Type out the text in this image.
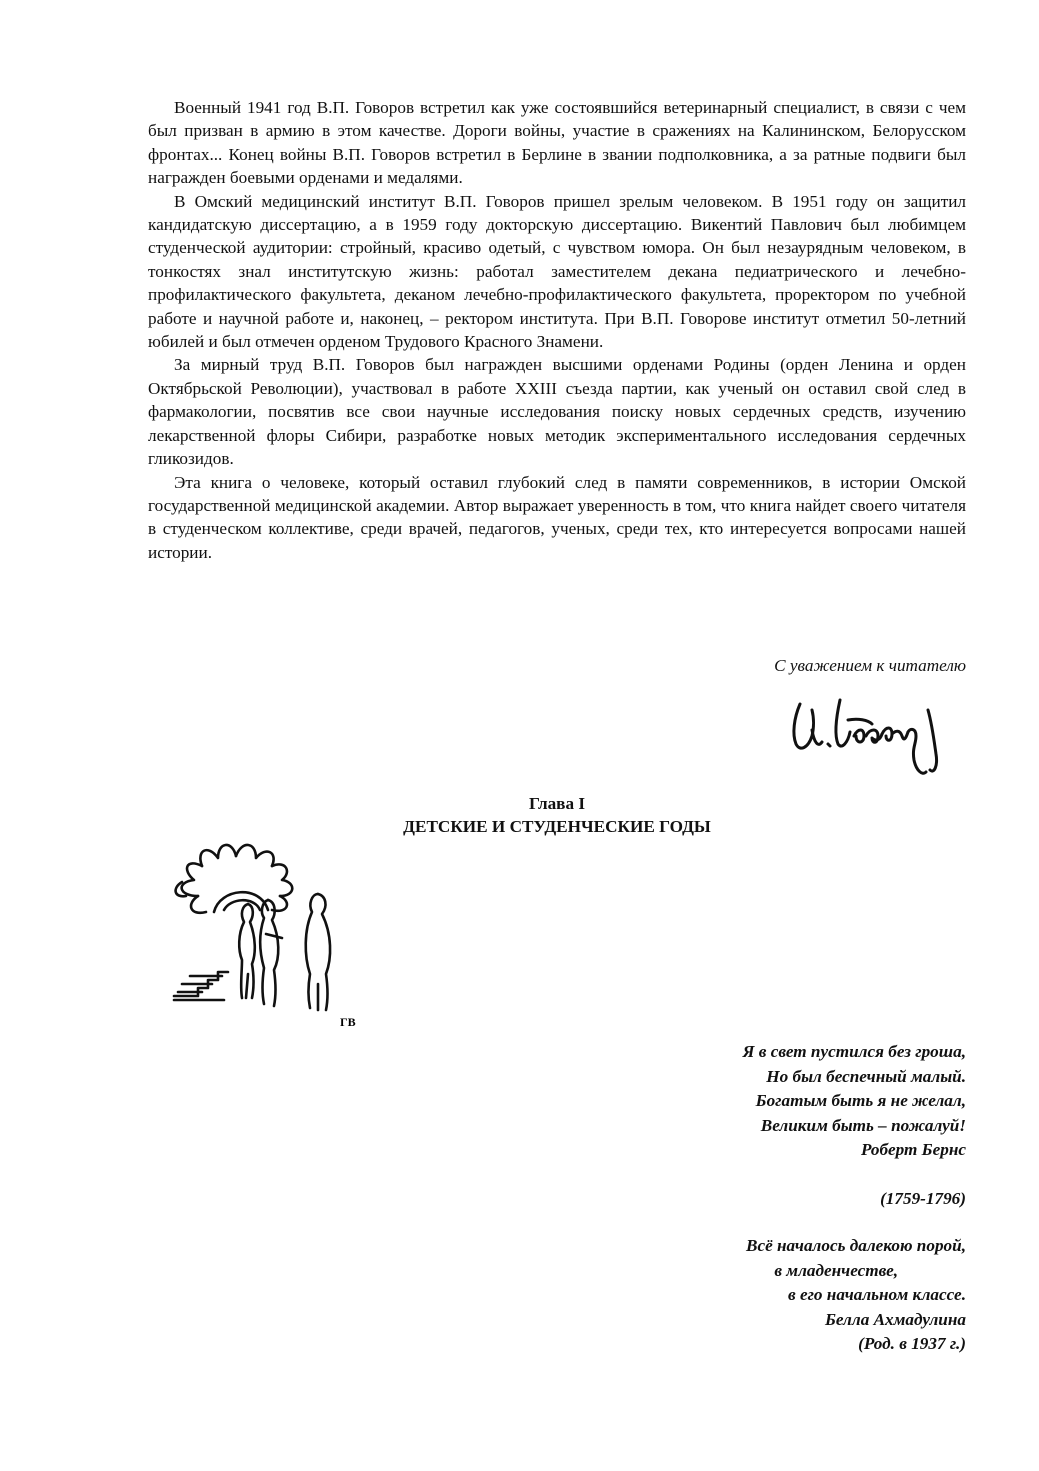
Военный 1941 год В.П. Говоров встретил как уже состоявшийся ветеринарный специалист, в связи с чем был призван в армию в этом качестве. Дороги войны, участие в сражениях на Калининском, Белорусском фронтах... Конец войны В.П. Говоров встретил в Берлине в звании подполковника, а за ратные подвиги был награжден боевыми орденами и медалями.

В Омский медицинский институт В.П. Говоров пришел зрелым человеком. В 1951 году он защитил кандидатскую диссертацию, а в 1959 году докторскую диссертацию. Викентий Павлович был любимцем студенческой аудитории: стройный, красиво одетый, с чувством юмора. Он был незаурядным человеком, в тонкостях знал институтскую жизнь: работал заместителем декана педиатрического и лечебно-профилактического факультета, деканом лечебно-профилактического факультета, проректором по учебной работе и научной работе и, наконец, – ректором института. При В.П. Говорове институт отметил 50-летний юбилей и был отмечен орденом Трудового Красного Знамени.

За мирный труд В.П. Говоров был награжден высшими орденами Родины (орден Ленина и орден Октябрьской Революции), участвовал в работе XXIII съезда партии, как ученый он оставил свой след в фармакологии, посвятив все свои научные исследования поиску новых сердечных средств, изучению лекарственной флоры Сибири, разработке новых методик экспериментального исследования сердечных гликозидов.

Эта книга о человеке, который оставил глубокий след в памяти современников, в истории Омской государственной медицинской академии. Автор выражает уверенность в том, что книга найдет своего читателя в студенческом коллективе, среди врачей, педагогов, ученых, среди тех, кто интересуется вопросами нашей истории.

С уважением к читателю
Глава I
ДЕТСКИЕ И СТУДЕНЧЕСКИЕ ГОДЫ
ГВ
Я в свет пустился без гроша,
Но был беспечный малый.
Богатым быть я не желал,
Великим быть – пожалуй!
Роберт Бернс
(1759-1796)
Всё началось далекою порой,
в младенчестве,
в его начальном классе.
Белла Ахмадулина
(Род. в 1937 г.)
